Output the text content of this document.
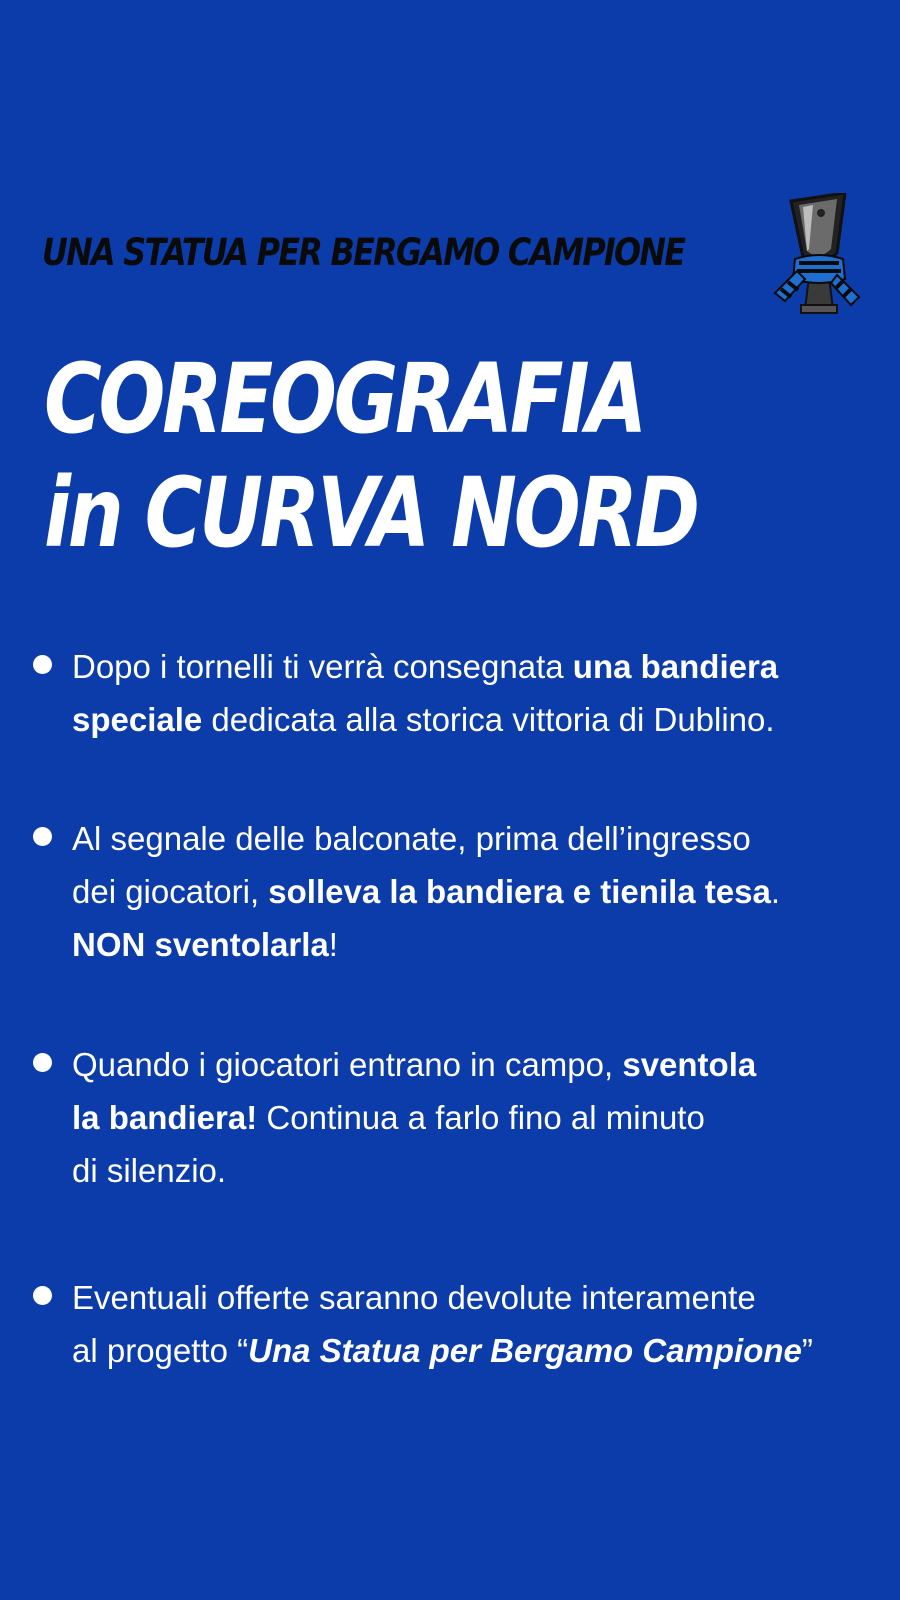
UNA STATUA PER BERGAMO CAMPIONE
COREOGRAFIA
in CURVA NORD
Dopo i tornelli ti verrà consegnata una bandiera
speciale dedicata alla storica vittoria di Dublino.
Al segnale delle balconate, prima dell’ingresso
dei giocatori, solleva la bandiera e tienila tesa.
NON sventolarla!
Quando i giocatori entrano in campo, sventola
la bandiera! Continua a farlo fino al minuto
di silenzio.
Eventuali offerte saranno devolute interamente
al progetto “Una Statua per Bergamo Campione”
